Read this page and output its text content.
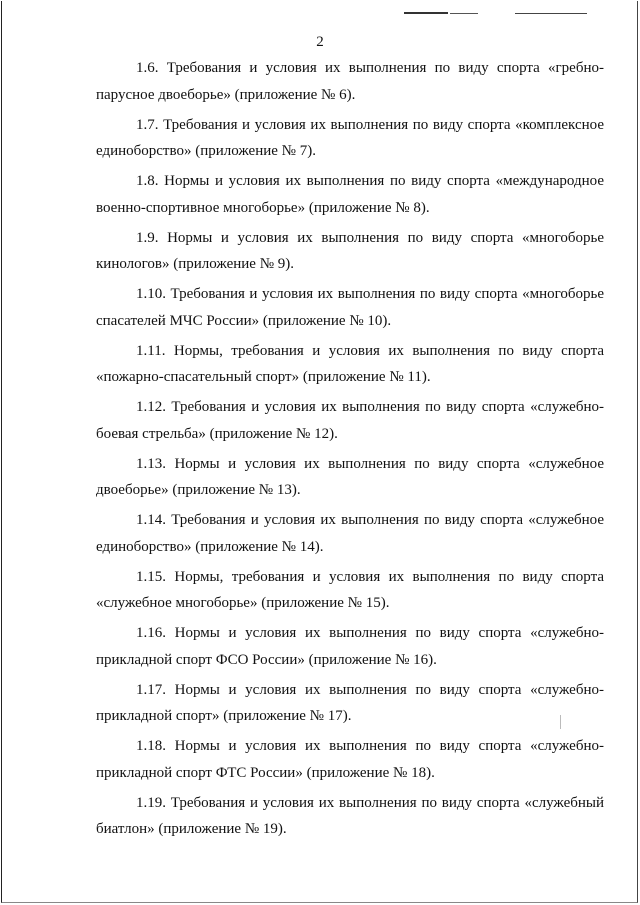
2
1.6. Требования и условия их выполнения по виду спорта «гребно-парусное двоеборье» (приложение № 6).
1.7. Требования и условия их выполнения по виду спорта «комплексное единоборство» (приложение № 7).
1.8. Нормы и условия их выполнения по виду спорта «международное военно-спортивное многоборье» (приложение № 8).
1.9. Нормы и условия их выполнения по виду спорта «многоборье кинологов» (приложение № 9).
1.10. Требования и условия их выполнения по виду спорта «многоборье спасателей МЧС России» (приложение № 10).
1.11. Нормы, требования и условия их выполнения по виду спорта «пожарно-спасательный спорт» (приложение № 11).
1.12. Требования и условия их выполнения по виду спорта «служебно-боевая стрельба» (приложение № 12).
1.13. Нормы и условия их выполнения по виду спорта «служебное двоеборье» (приложение № 13).
1.14. Требования и условия их выполнения по виду спорта «служебное единоборство» (приложение № 14).
1.15. Нормы, требования и условия их выполнения по виду спорта «служебное многоборье» (приложение № 15).
1.16. Нормы и условия их выполнения по виду спорта «служебно-прикладной спорт ФСО России» (приложение № 16).
1.17. Нормы и условия их выполнения по виду спорта «служебно-прикладной спорт» (приложение № 17).
1.18. Нормы и условия их выполнения по виду спорта «служебно-прикладной спорт ФТС России» (приложение № 18).
1.19. Требования и условия их выполнения по виду спорта «служебный биатлон» (приложение № 19).
